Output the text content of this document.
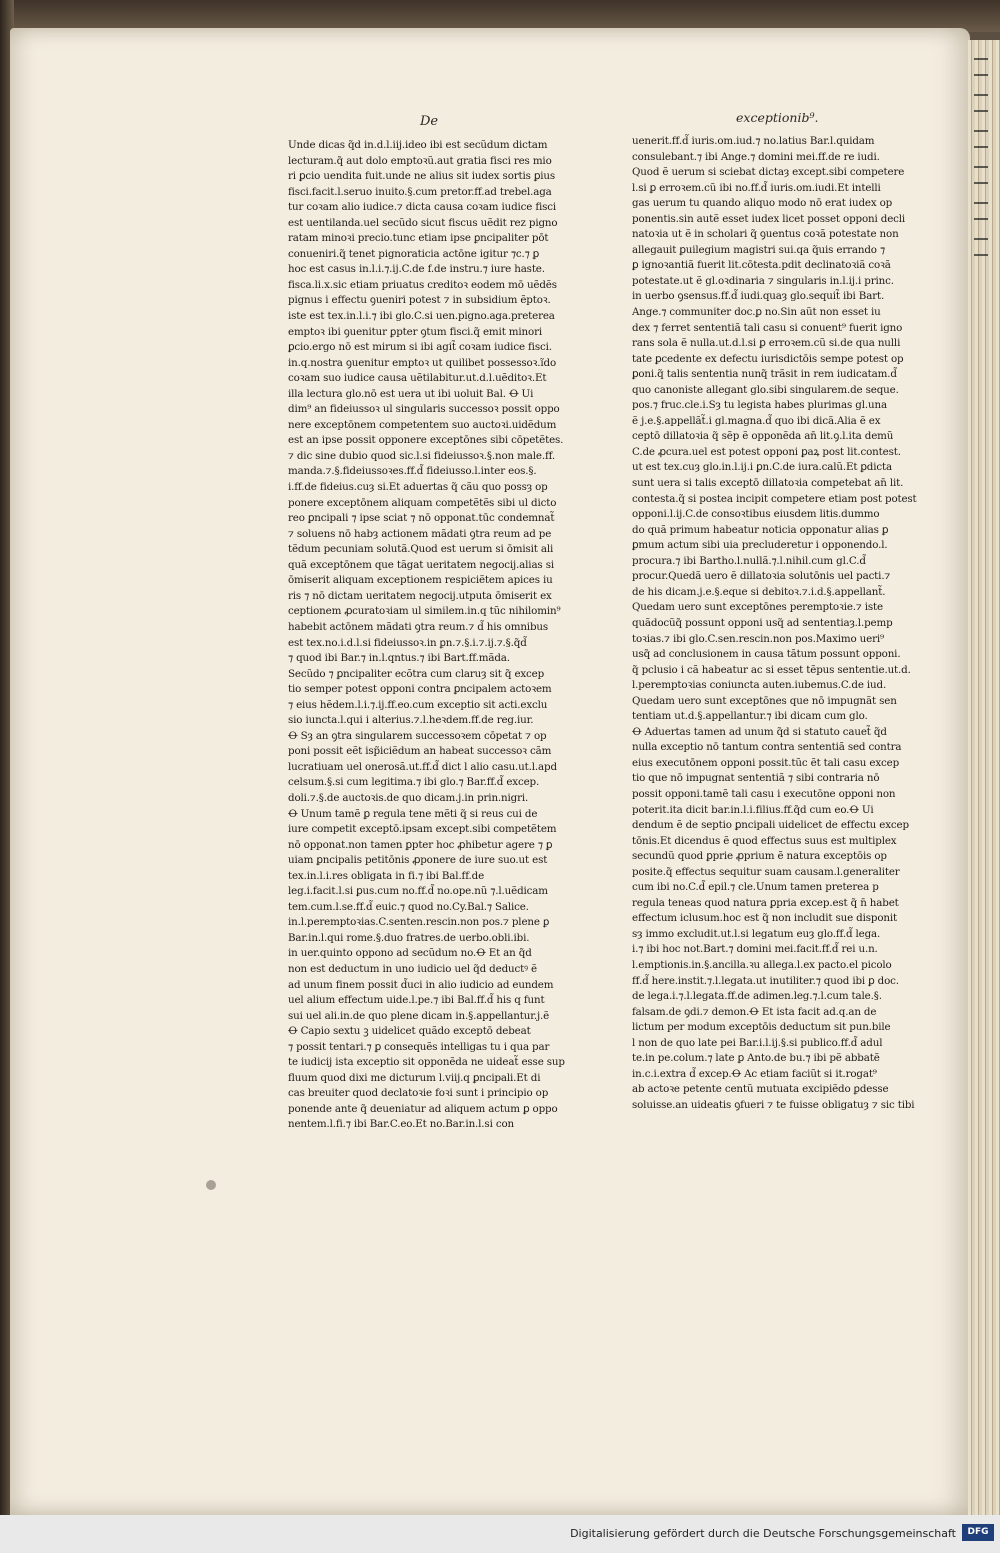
De	exceptionib⁹.
Unde dicas q̃d in.d.l.iij.ideo ibi est secũdum dictam
lecturam.q̃ aut dolo emptoꝛũ.aut gratia fisci res mio
ri ꝑcio uendita fuit.unde ne alius sit iudex sortis ꝑius
fisci.facit.l.seruo inuito.§.cum pretor.ff.ad trebel.aga
tur coꝛam alio iudice.⁊ dicta causa coꝛam iudice fisci
est uentilanda.uel secũdo sicut fiscus uẽdit rez pigno
ratam minoꝛi precio.tunc etiam ipse ꝑncipaliter pōt
conueniri.q̃ tenet pignoraticia actōne igitur ⁊c.⁊ ꝑ
hoc est casus in.l.i.⁊.ij.C.de f.de instru.⁊ iure haste.
fisca.li.x.sic etiam priuatus creditoꝛ eodem mō uẽdẽs
pignus i effectu ꝯueniri potest ⁊ in subsidium ẽptoꝛ.
iste est tex.in.l.i.⁊ ibi glo.C.si uen.pigno.aga.preterea
emptoꝛ ibi ꝯuenitur ꝑpter ꝯtum fisci.q̃ emit minori
ꝑcio.ergo nō est mirum si ibi agit̃ coꝛam iudice fisci.
in.q.nostra ꝯuenitur emptoꝛ ut quilibet possessoꝛ.ĩdo
coꝛam suo iudice causa uẽtilabitur.ut.d.l.uẽditoꝛ.Et
illa lectura glo.nō est uera ut ibi uoluit Bal. Ꝋ Ui
dim⁹ an fideiussoꝛ ul singularis successoꝛ possit oppo
nere exceptōnem competentem suo auctoꝛi.uidẽdum
est an ipse possit opponere exceptōnes sibi cōpetẽtes.
⁊ dic sine dubio quod sic.l.si fideiussoꝛ.§.non male.ff.
manda.⁊.§.fideiussoꝛes.ff.d̃ fideiusso.l.inter eos.§.
i.ff.de fideius.cuȝ si.Et aduertas q̃ cãu quo possȝ op
ponere exceptōnem aliquam competẽtẽs sibi ul dicto
reo ꝑncipali ⁊ ipse sciat ⁊ nō opponat.tūc condemnat̃
⁊ soluens nō habȝ actionem mãdati ꝯtra reum ad pe
tẽdum pecuniam solutã.Quod est uerum si ōmisit ali
quã exceptōnem que tãgat ueritatem negocij.alias si
ōmiserit aliquam exceptionem respiciẽtem apices iu
ris ⁊ nō dictam ueritatem negocij.utputa ōmiserit ex
ceptionem ꝓcuratoꝛiam ul similem.in.q tũc nihilomin⁹
habebit actōnem mãdati ꝯtra reum.⁊ d̃ his omnibus
est tex.no.i.d.l.si fideiussoꝛ.in ꝑn.⁊.§.i.⁊.ij.⁊.§.q̃d̃
⁊ quod ibi Bar.⁊ in.l.qntus.⁊ ibi Bart.ff.mãda.
Secũdo ⁊ ꝑncipaliter ecõtra cum claruȝ sit q̃ excep
tio semper potest opponi contra ꝑncipalem actoꝛem
⁊ eius hẽdem.l.i.⁊.ij.ff.eo.cum exceptio sit acti.exclu
sio iuncta.l.qui i alterius.⁊.l.heꝛdem.ff.de reg.iur.
Ꝋ Sȝ an ꝯtra singularem successoꝛem cōpetat ⁊ op
poni possit eẽt isp̃iciẽdum an habeat successoꝛ cãm
lucratiuam uel onerosã.ut.ff.d̃ dict l alio casu.ut.l.apd
celsum.§.si cum legitima.⁊ ibi glo.⁊ Bar.ff.d̃ excep.
doli.⁊.§.de auctoꝛis.de quo dicam.j.in prin.nigri.
Ꝋ Unum tamẽ ꝑ regula tene mẽti q̃ si reus cui de
iure competit exceptō.ipsam except.sibi competẽtem
nō opponat.non tamen ꝑpter hoc ꝓhibetur agere ⁊ ꝑ
uiam ꝑncipalis petitōnis ꝓponere de iure suo.ut est
tex.in.l.i.res obligata in fi.⁊ ibi Bal.ff.de
leg.i.facit.l.si ꝑus.cum no.ff.d̃ no.ope.nũ ⁊.l.uẽdicam
tem.cum.l.se.ff.d̃ euic.⁊ quod no.Cy.Bal.⁊ Salice.
in.l.peremptoꝛias.C.senten.rescin.non pos.⁊ plene ꝑ
Bar.in.l.qui rome.§.duo fratres.de uerbo.obli.ibi.
in uer.quinto oppono ad secũdum no.Ꝋ Et an q̃d
non est deductum in uno iudicio uel q̃d deductꝰ ẽ
ad unum finem possit d̃uci in alio iudicio ad eundem
uel alium effectum uide.l.pe.⁊ ibi Bal.ff.d̃ his q funt
sui uel ali.in.de quo plene dicam in.§.appellantur.j.ẽ
Ꝋ Capio sextu ꝫ uidelicet quãdo exceptō debeat
⁊ possit tentari.⁊ ꝑ consequẽs intelligas tu i qua par
te iudicij ista exceptio sit opponẽda ne uideat̃ esse sup
fluum quod dixi me dicturum l.viij.q ꝑncipali.Et di
cas breuiter quod declatoꝛie foꝛi sunt i principio op
ponende ante q̃ deueniatur ad aliquem actum ꝑ oppo
nentem.l.fi.⁊ ibi Bar.C.eo.Et no.Bar.in.l.si con
uenerit.ff.d̃ iuris.om.iud.⁊ no.latius Bar.l.quidam
consulebant.⁊ ibi Ange.⁊ domini mei.ff.de re iudi.
Quod ẽ uerum si sciebat dictaȝ except.sibi competere
l.si ꝑ erroꝛem.cũ ibi no.ff.d̃ iuris.om.iudi.Et intelli
gas uerum tu quando aliquo modo nō erat iudex op
ponentis.sin autẽ esset iudex licet posset opponi decli
natoꝛia ut ẽ in scholari q̃ ꝯuentus coꝛã potestate non
allegauit ꝑuilegium magistri sui.qa q̃uis errando ⁊
ꝑ ignoꝛantiã fuerit lit.cōtesta.pdit declinatoꝛiã coꝛã
potestate.ut ẽ gl.oꝛdinaria ⁊ singularis in.l.ij.i princ.
in uerbo ꝯsensus.ff.d̃ iudi.quaȝ glo.sequit̃ ibi Bart.
Ange.⁊ communiter doc.ꝑ no.Sin aũt non esset iu
dex ⁊ ferret sententiã tali casu si conuent⁹ fuerit igno
rans sola ẽ nulla.ut.d.l.si ꝑ erroꝛem.cũ si.de qua nulli
tate ꝑcedente ex defectu iurisdictōis sempe potest op
ꝑoni.q̃ talis sententia nunq̃ trãsit in rem iudicatam.d̃
quo canoniste allegant glo.sibi singularem.de seque.
pos.⁊ fruc.cle.i.Sȝ tu legista habes plurimas gl.una
ẽ j.e.§.appellãt̃.i gl.magna.d̃ quo ibi dicã.Alia ẽ ex
ceptō dillatoꝛia q̃ sẽp ẽ opponẽda an̄ lit.ꝯ.l.ita demũ
C.de ꝓcura.uel est potest opponi ꝑaꝝ post lit.contest.
ut est tex.cuȝ glo.in.l.ij.i ꝑn.C.de iura.calũ.Et ꝑdicta
sunt uera si talis exceptō dillatoꝛia competebat an̄ lit.
contesta.q̃ si postea incipit competere etiam post potest
opponi.l.ij.C.de consoꝛtibus eiusdem litis.dummo
do quã primum habeatur noticia opponatur alias ꝑ
ꝑmum actum sibi uia precluderetur i opponendo.l.
procura.⁊ ibi Bartho.l.nullã.⁊.l.nihil.cum gl.C.d̃
procur.Quedã uero ẽ dillatoꝛia solutōnis uel pacti.⁊
de his dicam.j.e.§.eque si debitoꝛ.⁊.i.d.§.appellant̃.
Quedam uero sunt exceptōnes peremptoꝛie.⁊ iste
quãdocũq̃ possunt opponi usq̃ ad sententiaȝ.l.pemp
toꝛias.⁊ ibi glo.C.sen.rescin.non pos.Maximo ueri⁹
usq̃ ad conclusionem in causa tãtum possunt opponi.
q̃ pclusio i cã habeatur ac si esset tẽpus sententie.ut.d.
l.peremptoꝛias coniuncta auten.iubemus.C.de iud.
Quedam uero sunt exceptōnes que nō impugnãt sen
tentiam ut.d.§.appellantur.⁊ ibi dicam cum glo.
Ꝋ Aduertas tamen ad unum q̃d si statuto cauet̃ q̃d
nulla exceptio nō tantum contra sententiã sed contra
eius executōnem opponi possit.tũc ẽt tali casu excep
tio que nō impugnat sententiã ⁊ sibi contraria nō
possit opponi.tamẽ tali casu i executōne opponi non
poterit.ita dicit bar.in.l.i.filius.ff.q̃d cum eo.Ꝋ Ui
dendum ẽ de septio ꝑncipali uidelicet de effectu excep
tōnis.Et dicendus ẽ quod effectus suus est multiplex
secundũ quod ꝑprie ꝓprium ẽ natura exceptōis op
posite.q̃ effectus sequitur suam causam.l.generaliter
cum ibi no.C.d̃ epil.⁊ cle.Unum tamen preterea p
regula teneas quod natura ꝑpria excep.est q̃ n̄ habet
effectum iclusum.hoc est q̃ non includit sue disponit
sȝ immo excludit.ut.l.si legatum euȝ glo.ff.d̃ lega.
i.⁊ ibi hoc not.Bart.⁊ domini mei.facit.ff.d̃ rei u.n.
l.emptionis.in.§.ancilla.ꝛu allega.l.ex pacto.el picolo
ff.d̃ here.instit.⁊.l.legata.ut inutiliter.⁊ quod ibi ꝑ doc.
de lega.i.⁊.l.legata.ff.de adimen.leg.⁊.l.cum tale.§.
falsam.de ꝯdi.⁊ demon.Ꝋ Et ista facit ad.q.an de
lictum per modum exceptōis deductum sit pun.bile
l non de quo late pei Bar.i.l.ij.§.si publico.ff.d̃ adul
te.in pe.colum.⁊ late ꝑ Anto.de bu.⁊ ibi pẽ abbatẽ
in.c.i.extra d̃ excep.Ꝋ Ac etiam faciũt si it.rogat⁹
ab actoꝛe petente centũ mutuata excipiẽdo ꝑdesse
soluisse.an uideatis ꝯfueri ⁊ te fuisse obligatuȝ ⁊ sic tibi
Digitalisierung gefördert durch die Deutsche Forschungsgemeinschaft	DFG
